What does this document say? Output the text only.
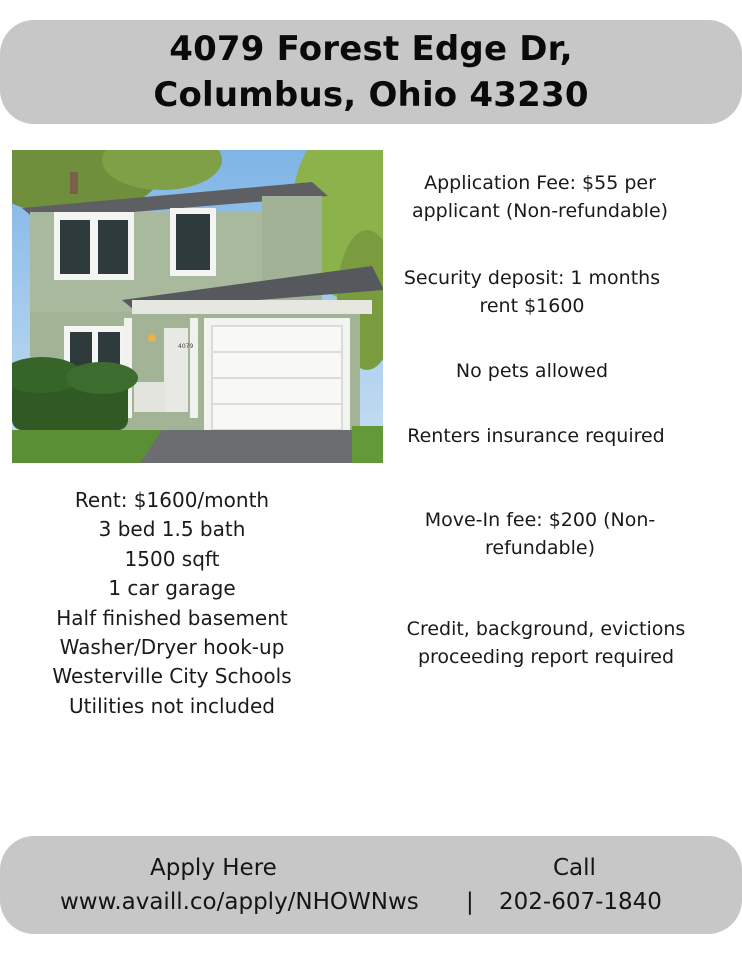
4079 Forest Edge Dr,
Columbus, Ohio 43230
4079
Rent: $1600/month
3 bed 1.5 bath
1500 sqft
1 car garage
Half finished basement
Washer/Dryer hook-up
Westerville City Schools
Utilities not included
Application Fee: $55 per
applicant (Non-refundable)
Security deposit: 1 months
rent $1600
No pets allowed
Renters insurance required
Move-In fee: $200 (Non-
refundable)
Credit, background, evictions
proceeding report required
Apply Here
www.availl.co/apply/NHOWNws |
Call
202-607-1840
